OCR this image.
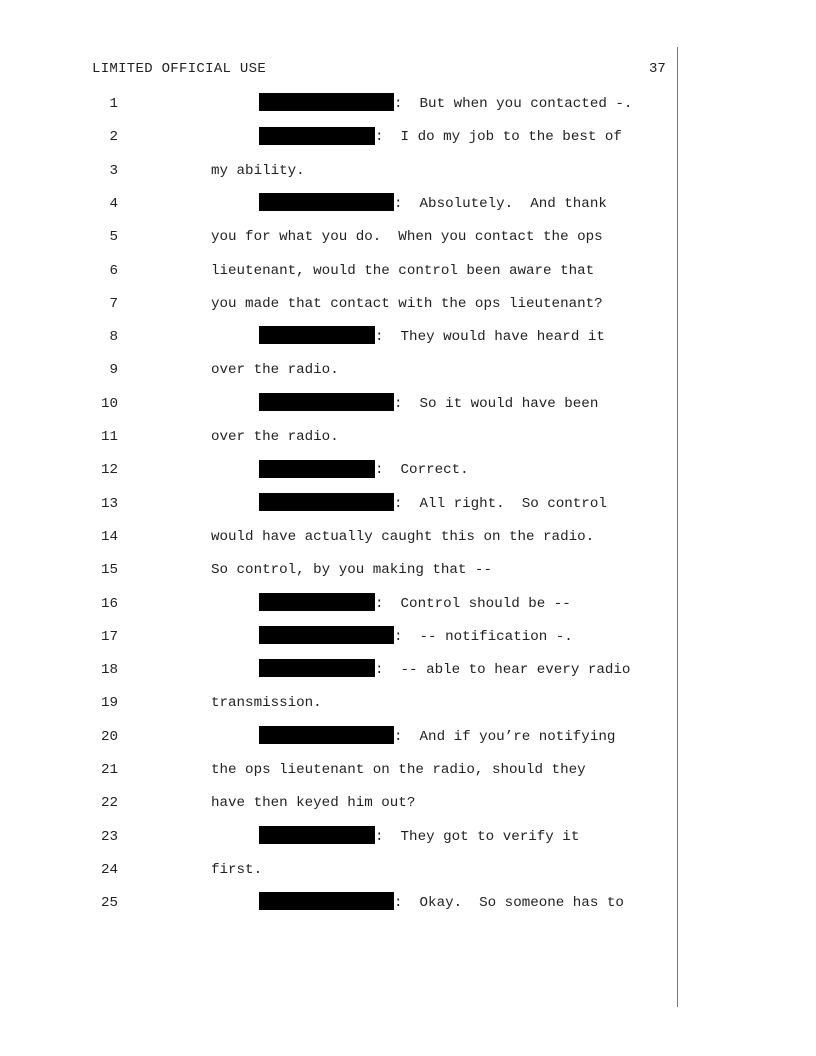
LIMITED OFFICIAL USE	37
1	:  But when you contacted -.
2	:  I do my job to the best of
3	my ability.
4	:  Absolutely.  And thank
5	you for what you do.  When you contact the ops
6	lieutenant, would the control been aware that
7	you made that contact with the ops lieutenant?
8	:  They would have heard it
9	over the radio.
10	:  So it would have been
11	over the radio.
12	:  Correct.
13	:  All right.  So control
14	would have actually caught this on the radio.
15	So control, by you making that --
16	:  Control should be --
17	:  -- notification -.
18	:  -- able to hear every radio
19	transmission.
20	:  And if you’re notifying
21	the ops lieutenant on the radio, should they
22	have then keyed him out?
23	:  They got to verify it
24	first.
25	:  Okay.  So someone has to
